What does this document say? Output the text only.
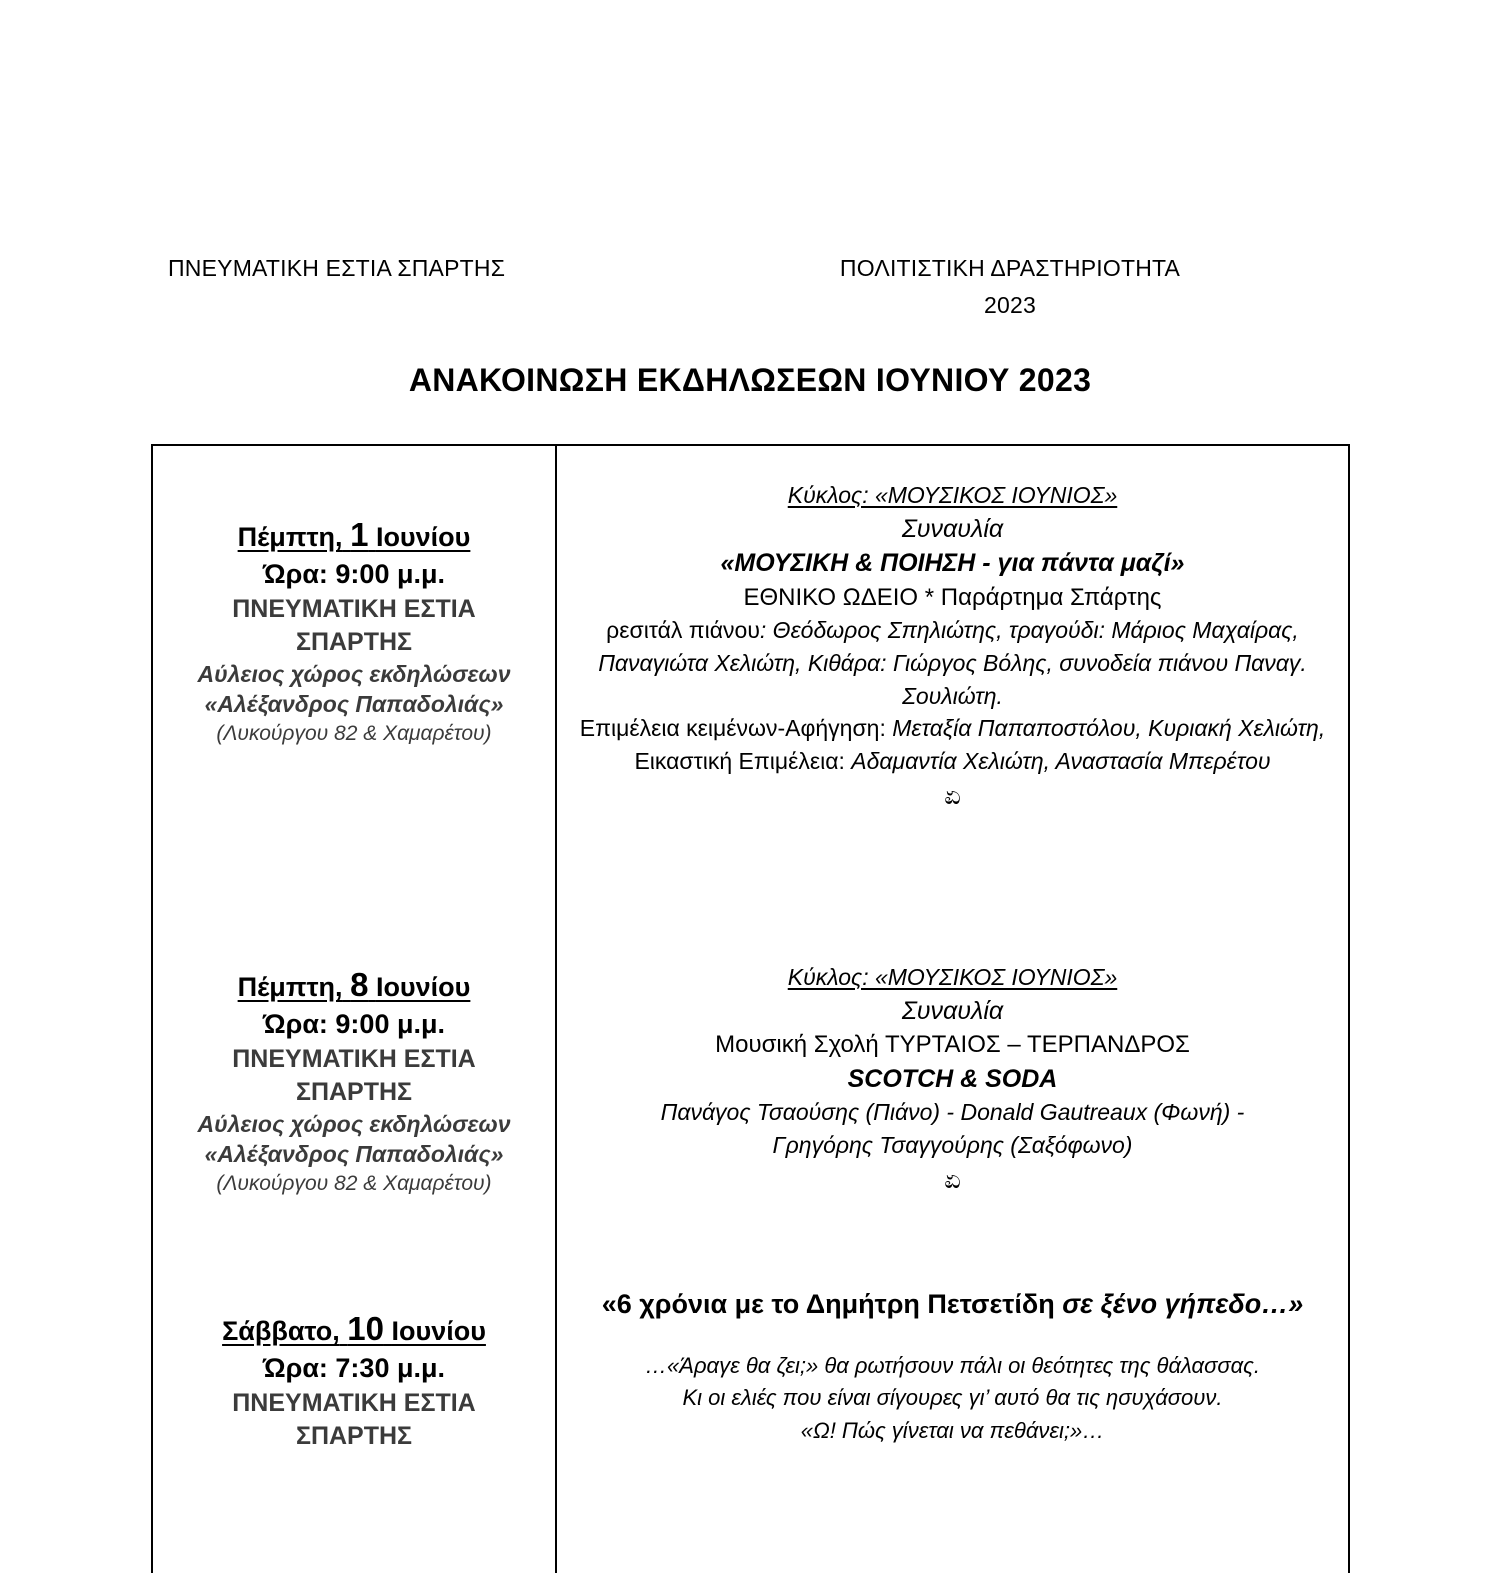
ΠΝΕΥΜΑΤΙΚΗ ΕΣΤΙΑ ΣΠΑΡΤΗΣ	ΠΟΛΙΤΙΣΤΙΚΗ ΔΡΑΣΤΗΡΙΟΤΗΤΑ
2023
ΑΝΑΚΟΙΝΩΣΗ ΕΚΔΗΛΩΣΕΩΝ ΙΟΥΝΙΟΥ 2023
Πέμπτη, 1 Ιουνίου
Ώρα: 9:00 μ.μ.
ΠΝΕΥΜΑΤΙΚΗ ΕΣΤΙΑ
ΣΠΑΡΤΗΣ
Αύλειος χώρος εκδηλώσεων
«Αλέξανδρος Παπαδολιάς»
(Λυκούργου 82 & Χαμαρέτου)
Κύκλος: «ΜΟΥΣΙΚΟΣ ΙΟΥΝΙΟΣ»
Συναυλία
«ΜΟΥΣΙΚΗ & ΠΟΙΗΣΗ - για πάντα μαζί»
ΕΘΝΙΚΟ ΩΔΕΙΟ * Παράρτημα Σπάρτης
ρεσιτάλ πιάνου: Θεόδωρος Σπηλιώτης, τραγούδι: Μάριος Μαχαίρας, Παναγιώτα Χελιώτη, Κιθάρα: Γιώργος Βόλης, συνοδεία πιάνου Παναγ. Σουλιώτη.
Επιμέλεια κειμένων-Αφήγηση: Μεταξία Παπαποστόλου, Κυριακή Χελιώτη,
Εικαστική Επιμέλεια: Αδαμαντία Χελιώτη, Αναστασία Μπερέτου
ಏ
Πέμπτη, 8 Ιουνίου
Ώρα: 9:00 μ.μ.
ΠΝΕΥΜΑΤΙΚΗ ΕΣΤΙΑ
ΣΠΑΡΤΗΣ
Αύλειος χώρος εκδηλώσεων
«Αλέξανδρος Παπαδολιάς»
(Λυκούργου 82 & Χαμαρέτου)
Κύκλος: «ΜΟΥΣΙΚΟΣ ΙΟΥΝΙΟΣ»
Συναυλία
Μουσική Σχολή ΤΥΡΤΑΙΟΣ – ΤΕΡΠΑΝΔΡΟΣ
SCOTCH & SODA
Πανάγος Τσαούσης (Πιάνο) - Donald Gautreaux (Φωνή) -
Γρηγόρης Τσαγγούρης (Σαξόφωνο)
ಏ
Σάββατο, 10 Ιουνίου
Ώρα: 7:30 μ.μ.
ΠΝΕΥΜΑΤΙΚΗ ΕΣΤΙΑ
ΣΠΑΡΤΗΣ
«6 χρόνια με το Δημήτρη Πετσετίδη σε ξένο γήπεδο…»
…«Άραγε θα ζει;» θα ρωτήσουν πάλι οι θεότητες της θάλασσας.
Κι οι ελιές που είναι σίγουρες γι’ αυτό θα τις ησυχάσουν.
«Ω! Πώς γίνεται να πεθάνει;»…
